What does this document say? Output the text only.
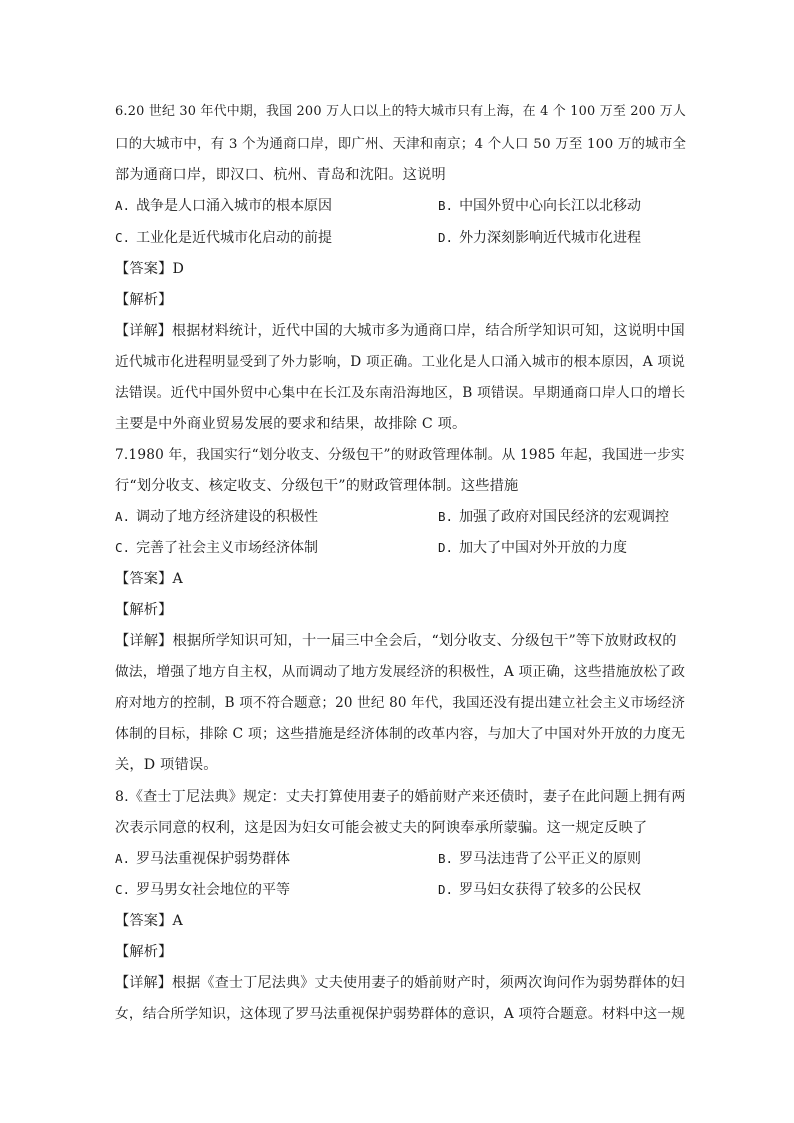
6.20 世纪 30 年代中期，我国 200 万人口以上的特大城市只有上海，在 4 个 100 万至 200 万人
口的大城市中，有 3 个为通商口岸，即广州、天津和南京；4 个人口 50 万至 100 万的城市全
部为通商口岸，即汉口、杭州、青岛和沈阳。这说明
A. 战争是人口涌入城市的根本原因	B. 中国外贸中心向长江以北移动
C. 工业化是近代城市化启动的前提	D. 外力深刻影响近代城市化进程
【答案】D
【解析】
【详解】根据材料统计，近代中国的大城市多为通商口岸，结合所学知识可知，这说明中国
近代城市化进程明显受到了外力影响，D 项正确。工业化是人口涌入城市的根本原因，A 项说
法错误。近代中国外贸中心集中在长江及东南沿海地区，B 项错误。早期通商口岸人口的增长
主要是中外商业贸易发展的要求和结果，故排除 C 项。
7.1980 年，我国实行“划分收支、分级包干”的财政管理体制。从 1985 年起，我国进一步实
行“划分收支、核定收支、分级包干”的财政管理体制。这些措施
A. 调动了地方经济建设的积极性	B. 加强了政府对国民经济的宏观调控
C. 完善了社会主义市场经济体制	D. 加大了中国对外开放的力度
【答案】A
【解析】
【详解】根据所学知识可知，十一届三中全会后，“划分收支、分级包干”等下放财政权的
做法，增强了地方自主权，从而调动了地方发展经济的积极性，A 项正确，这些措施放松了政
府对地方的控制，B 项不符合题意；20 世纪 80 年代，我国还没有提出建立社会主义市场经济
体制的目标，排除 C 项；这些措施是经济体制的改革内容，与加大了中国对外开放的力度无
关，D 项错误。
8.《查士丁尼法典》规定：丈夫打算使用妻子的婚前财产来还债时，妻子在此问题上拥有两
次表示同意的权利，这是因为妇女可能会被丈夫的阿谀奉承所蒙骗。这一规定反映了
A. 罗马法重视保护弱势群体	B. 罗马法违背了公平正义的原则
C. 罗马男女社会地位的平等	D. 罗马妇女获得了较多的公民权
【答案】A
【解析】
【详解】根据《查士丁尼法典》丈夫使用妻子的婚前财产时，须两次询问作为弱势群体的妇
女，结合所学知识，这体现了罗马法重视保护弱势群体的意识，A 项符合题意。材料中这一规
